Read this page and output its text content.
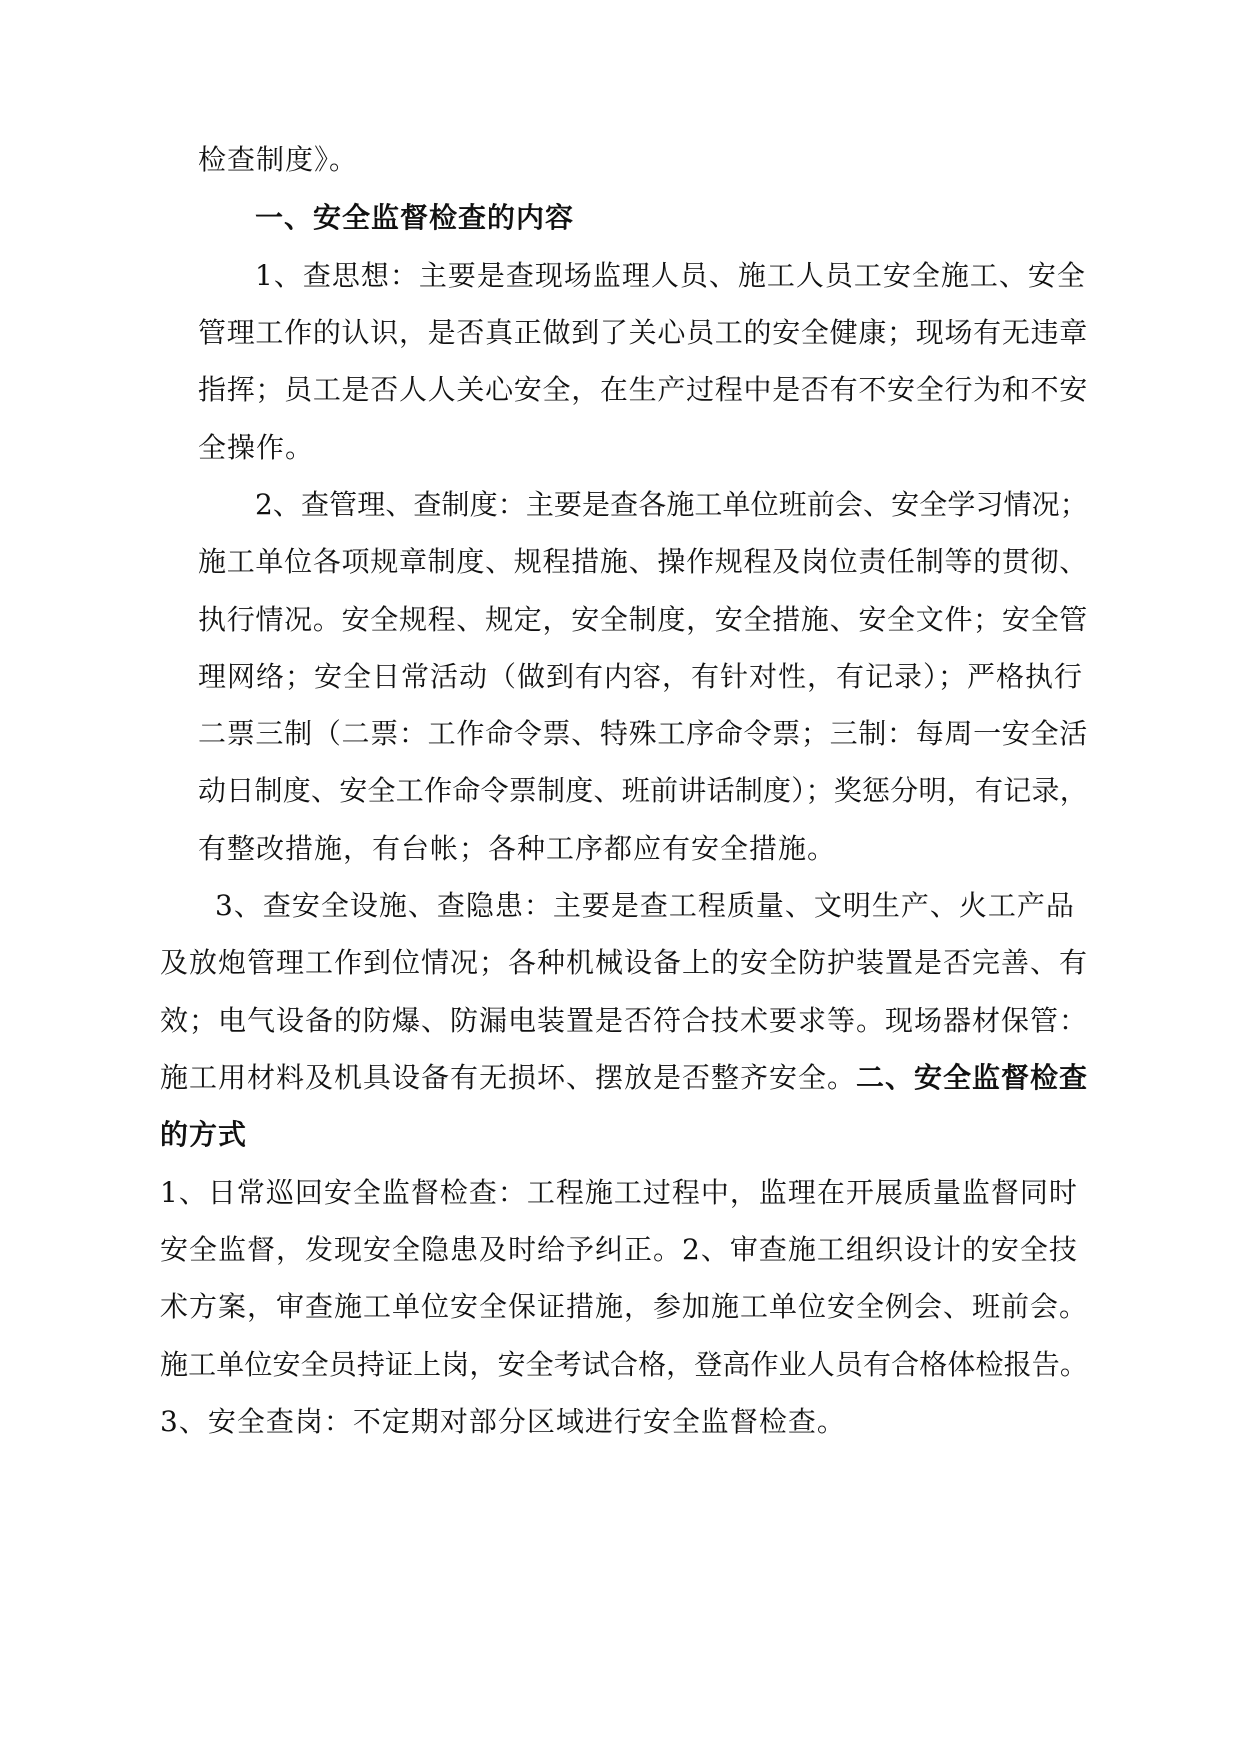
检查制度》。

一、安全监督检查的内容

1、查思想：主要是查现场监理人员、施工人员工安全施工、安全

管理工作的认识，是否真正做到了关心员工的安全健康；现场有无违章

指挥；员工是否人人关心安全，在生产过程中是否有不安全行为和不安

全操作。

2、查管理、查制度：主要是查各施工单位班前会、安全学习情况；

施工单位各项规章制度、规程措施、操作规程及岗位责任制等的贯彻、

执行情况。安全规程、规定，安全制度，安全措施、安全文件；安全管

理网络；安全日常活动（做到有内容，有针对性，有记录）；严格执行

二票三制（二票：工作命令票、特殊工序命令票；三制：每周一安全活

动日制度、安全工作命令票制度、班前讲话制度）；奖惩分明，有记录，

有整改措施，有台帐；各种工序都应有安全措施。

3、查安全设施、查隐患：主要是查工程质量、文明生产、火工产品

及放炮管理工作到位情况；各种机械设备上的安全防护装置是否完善、有

效；电气设备的防爆、防漏电装置是否符合技术要求等。现场器材保管：

施工用材料及机具设备有无损坏、摆放是否整齐安全。二、安全监督检查

的方式

1、日常巡回安全监督检查：工程施工过程中，监理在开展质量监督同时

安全监督，发现安全隐患及时给予纠正。2、审查施工组织设计的安全技

术方案，审查施工单位安全保证措施，参加施工单位安全例会、班前会。

施工单位安全员持证上岗，安全考试合格，登高作业人员有合格体检报告。

3、安全查岗：不定期对部分区域进行安全监督检查。
